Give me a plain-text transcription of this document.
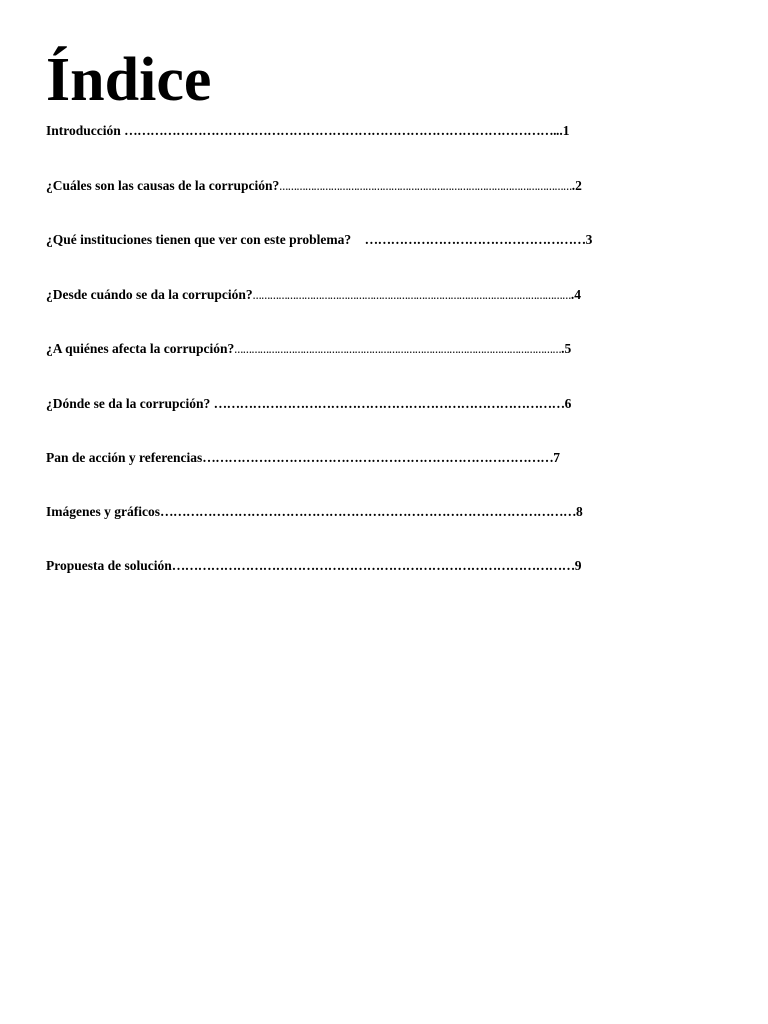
Índice
Introducción ………………………………………………………………………………………...1
¿Cuáles son las causas de la corrupción?………………………………………………………………………………………….2
¿Qué instituciones tienen que ver con este problema?    ……………………………………………3
¿Desde cuándo se da la corrupción?………………………………………………………………………………………………….4
¿A quiénes afecta la corrupción?…………………………………………………………………………………………………….5
¿Dónde se da la corrupción? ………………………………………………………………………6
Pan de acción y referencias………………………………………………………………………7
Imágenes y gráficos……………………………………………………………………………………8
Propuesta de solución…………………………………………………………………………………9
